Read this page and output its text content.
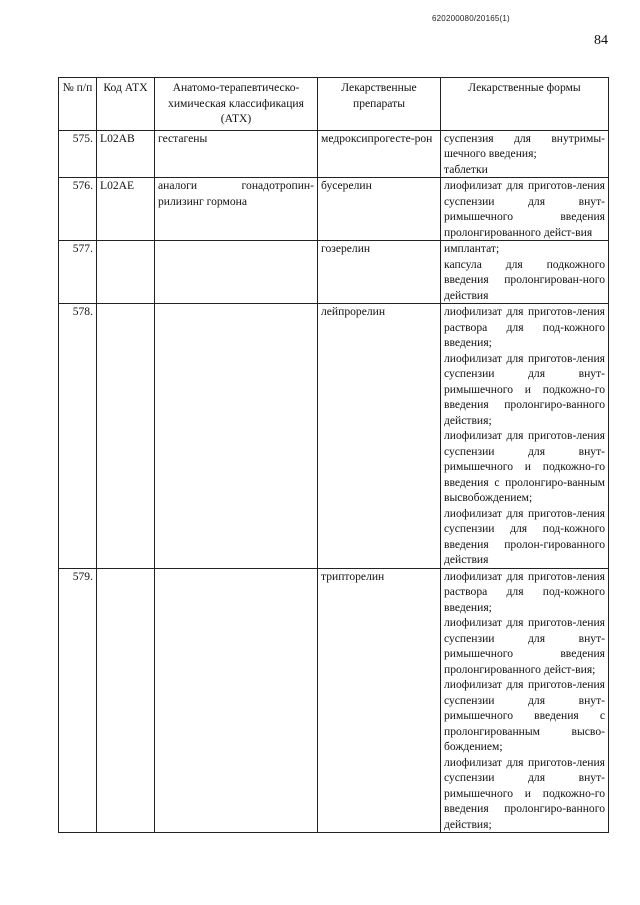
620200080/20165(1)
84
№ п/п	Код АТХ	Анатомо-терапевтическо-химическая классификация (АТХ)	Лекарственные препараты	Лекарственные формы
575.	L02AB	гестагены	медроксипрогесте-рон	суспензия для внутримы-шечного введения;
таблетки

576.	L02AE	аналоги гонадотропин-рилизинг гормона	бусерелин	лиофилизат для приготов-ления суспензии для внут-римышечного введения пролонгированного дейст-вия

577.			гозерелин	имплантат;
капсула для подкожного введения пролонгирован-ного действия

578.			лейпрорелин	лиофилизат для приготов-ления раствора для под-кожного введения;
лиофилизат для приготов-ления суспензии для внут-римышечного и подкожно-го введения пролонгиро-ванного действия;
лиофилизат для приготов-ления суспензии для внут-римышечного и подкожно-го введения с пролонгиро-ванным высвобождением;
лиофилизат для приготов-ления суспензии для под-кожного введения пролон-гированного действия

579.			трипторелин	лиофилизат для приготов-ления раствора для под-кожного введения;
лиофилизат для приготов-ления суспензии для внут-римышечного введения пролонгированного дейст-вия;
лиофилизат для приготов-ления суспензии для внут-римышечного введения с пролонгированным высво-бождением;
лиофилизат для приготов-ления суспензии для внут-римышечного и подкожно-го введения пролонгиро-ванного действия;
